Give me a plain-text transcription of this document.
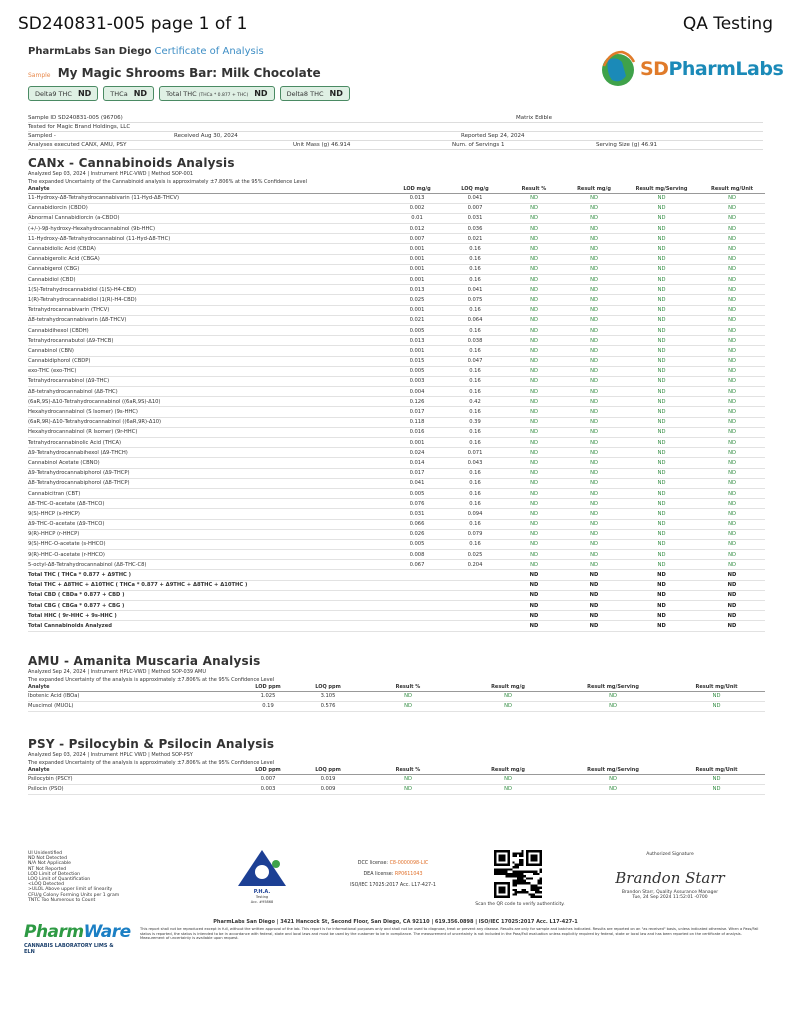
SD240831-005 page 1 of 1	QA Testing
PharmLabs San Diego Certificate of Analysis
Sample My Magic Shrooms Bar: Milk Chocolate	SDPharmLabs
Delta9 THC ND	THCa ND	Total THC (THCa * 0.877 + THC) ND	Delta8 THC ND
Sample ID SD240831-005 (96706)	Matrix Edible
Tested for Magic Brand Holdings, LLC
Sampled -	Received Aug 30, 2024	Reported Sep 24, 2024
Analyses executed CANX, AMU, PSY	Unit Mass (g) 46.914	Num. of Servings 1	Serving Size (g) 46.91
CANx - Cannabinoids Analysis
Analyzed Sep 03, 2024 | Instrument HPLC-VWD | Method SOP-001
The expanded Uncertainty of the Cannabinoid analysis is approximately ±7.806% at the 95% Confidence Level
Analyte	LOD mg/g	LOQ mg/g	Result %	Result mg/g	Result mg/Serving	Result mg/Unit
11-Hydroxy-Δ8-Tetrahydrocannabivarin (11-Hyd-Δ8-THCV)	0.013	0.041	ND	ND	ND	ND
Cannabidiorcin (CBDO)	0.002	0.007	ND	ND	ND	ND
Abnormal Cannabidiorcin (a-CBDO)	0.01	0.031	ND	ND	ND	ND
(+/-)-9β-hydroxy-Hexahydrocannabinol (9b-HHC)	0.012	0.036	ND	ND	ND	ND
11-Hydroxy-Δ8-Tetrahydrocannabinol (11-Hyd-Δ8-THC)	0.007	0.021	ND	ND	ND	ND
Cannabidiolic Acid (CBDA)	0.001	0.16	ND	ND	ND	ND
Cannabigerolic Acid (CBGA)	0.001	0.16	ND	ND	ND	ND
Cannabigerol (CBG)	0.001	0.16	ND	ND	ND	ND
Cannabidiol (CBD)	0.001	0.16	ND	ND	ND	ND
1(S)-Tetrahydrocannabidiol (1(S)-H4-CBD)	0.013	0.041	ND	ND	ND	ND
1(R)-Tetrahydrocannabidiol (1(R)-H4-CBD)	0.025	0.075	ND	ND	ND	ND
Tetrahydrocannabivarin (THCV)	0.001	0.16	ND	ND	ND	ND
Δ8-tetrahydrocannabivarin (Δ8-THCV)	0.021	0.064	ND	ND	ND	ND
Cannabidihexol (CBDH)	0.005	0.16	ND	ND	ND	ND
Tetrahydrocannabutol (Δ9-THCB)	0.013	0.038	ND	ND	ND	ND
Cannabinol (CBN)	0.001	0.16	ND	ND	ND	ND
Cannabidiphorol (CBDP)	0.015	0.047	ND	ND	ND	ND
exo-THC (exo-THC)	0.005	0.16	ND	ND	ND	ND
Tetrahydrocannabinol (Δ9-THC)	0.003	0.16	ND	ND	ND	ND
Δ8-tetrahydrocannabinol (Δ8-THC)	0.004	0.16	ND	ND	ND	ND
(6aR,9S)-Δ10-Tetrahydrocannabinol ((6aR,9S)-Δ10)	0.126	0.42	ND	ND	ND	ND
Hexahydrocannabinol (S Isomer) (9s-HHC)	0.017	0.16	ND	ND	ND	ND
(6aR,9R)-Δ10-Tetrahydrocannabinol ((6aR,9R)-Δ10)	0.118	0.39	ND	ND	ND	ND
Hexahydrocannabinol (R Isomer) (9r-HHC)	0.016	0.16	ND	ND	ND	ND
Tetrahydrocannabinolic Acid (THCA)	0.001	0.16	ND	ND	ND	ND
Δ9-Tetrahydrocannabihexol (Δ9-THCH)	0.024	0.071	ND	ND	ND	ND
Cannabinol Acetate (CBNO)	0.014	0.043	ND	ND	ND	ND
Δ9-Tetrahydrocannabiphorol (Δ9-THCP)	0.017	0.16	ND	ND	ND	ND
Δ8-Tetrahydrocannabiphorol (Δ8-THCP)	0.041	0.16	ND	ND	ND	ND
Cannabicitran (CBT)	0.005	0.16	ND	ND	ND	ND
Δ8-THC-O-acetate (Δ8-THCO)	0.076	0.16	ND	ND	ND	ND
9(S)-HHCP (s-HHCP)	0.031	0.094	ND	ND	ND	ND
Δ9-THC-O-acetate (Δ9-THCO)	0.066	0.16	ND	ND	ND	ND
9(R)-HHCP (r-HHCP)	0.026	0.079	ND	ND	ND	ND
9(S)-HHC-O-acetate (s-HHCO)	0.005	0.16	ND	ND	ND	ND
9(R)-HHC-O-acetate (r-HHCO)	0.008	0.025	ND	ND	ND	ND
5-octyl-Δ8-Tetrahydrocannabinol (Δ8-THC-C8)	0.067	0.204	ND	ND	ND	ND
Total THC ( THCa * 0.877 + Δ9THC )			ND	ND	ND	ND
Total THC + Δ8THC + Δ10THC ( THCa * 0.877 + Δ9THC + Δ8THC + Δ10THC )			ND	ND	ND	ND
Total CBD ( CBDa * 0.877 + CBD )			ND	ND	ND	ND
Total CBG ( CBGa * 0.877 + CBG )			ND	ND	ND	ND
Total HHC ( 9r-HHC + 9s-HHC )			ND	ND	ND	ND
Total Cannabinoids Analyzed			ND	ND	ND	ND
AMU - Amanita Muscaria Analysis
Analyzed Sep 24, 2024 | Instrument HPLC-VWD | Method SOP-039 AMU
The expanded Uncertainty of the analysis is approximately ±7.806% at the 95% Confidence Level
Analyte	LOD ppm	LOQ ppm	Result %	Result mg/g	Result mg/Serving	Result mg/Unit
Ibotenic Acid (IBOa)	1.025	3.105	ND	ND	ND	ND
Muscimol (MUOL)	0.19	0.576	ND	ND	ND	ND
PSY - Psilocybin & Psilocin Analysis
Analyzed Sep 03, 2024 | Instrument HPLC VWD | Method SOP-PSY
The expanded Uncertainty of the analysis is approximately ±7.806% at the 95% Confidence Level
Analyte	LOD ppm	LOQ ppm	Result %	Result mg/g	Result mg/Serving	Result mg/Unit
Psilocybin (PSCY)	0.007	0.019	ND	ND	ND	ND
Psilocin (PSO)	0.003	0.009	ND	ND	ND	ND
UI Unidentified
ND Not Detected
N/A Not Applicable
NT Not Reported
LOD Limit of Detection
LOQ Limit of Quantification
<LOQ Detected
>ULOL Above upper limit of linearity
CFU/g Colony Forming Units per 1 gram
TNTC Too Numerous to Count
P.H.A.
Testing
Acc. #95868
DCC license: C8-0000098-LIC
DEA license: RP0611043
ISO/IEC 17025:2017 Acc. L17-427-1
Scan the QR code to verify authenticity.
Authorized Signature
Brandon Starr
Brandon Starr, Quality Assurance Manager
Tue, 24 Sep 2024 11:52:01 -0700
PharmLabs San Diego | 3421 Hancock St, Second Floor, San Diego, CA 92110 | 619.356.0898 | ISO/IEC 17025:2017 Acc. L17-427-1
This report shall not be reproduced except in full, without the written approval of the lab. This report is for informational purposes only and shall not be used to diagnose, treat or prevent any disease. Results are only for sample and batches indicated. Results are reported on an "as received" basis, unless indicated otherwise. When a Pass/Fail status is reported, the status is intended to be in accordance with federal, state and local laws and must be used by the customer to be in compliance. The measurement of uncertainty is not included in the Pass/Fail evaluation unless explicitly required by federal, state or local law and has been reported on the certificate of analysis. Measurement of uncertainty is available upon request.
PharmWare
CANNABIS LABORATORY LIMS & ELN
